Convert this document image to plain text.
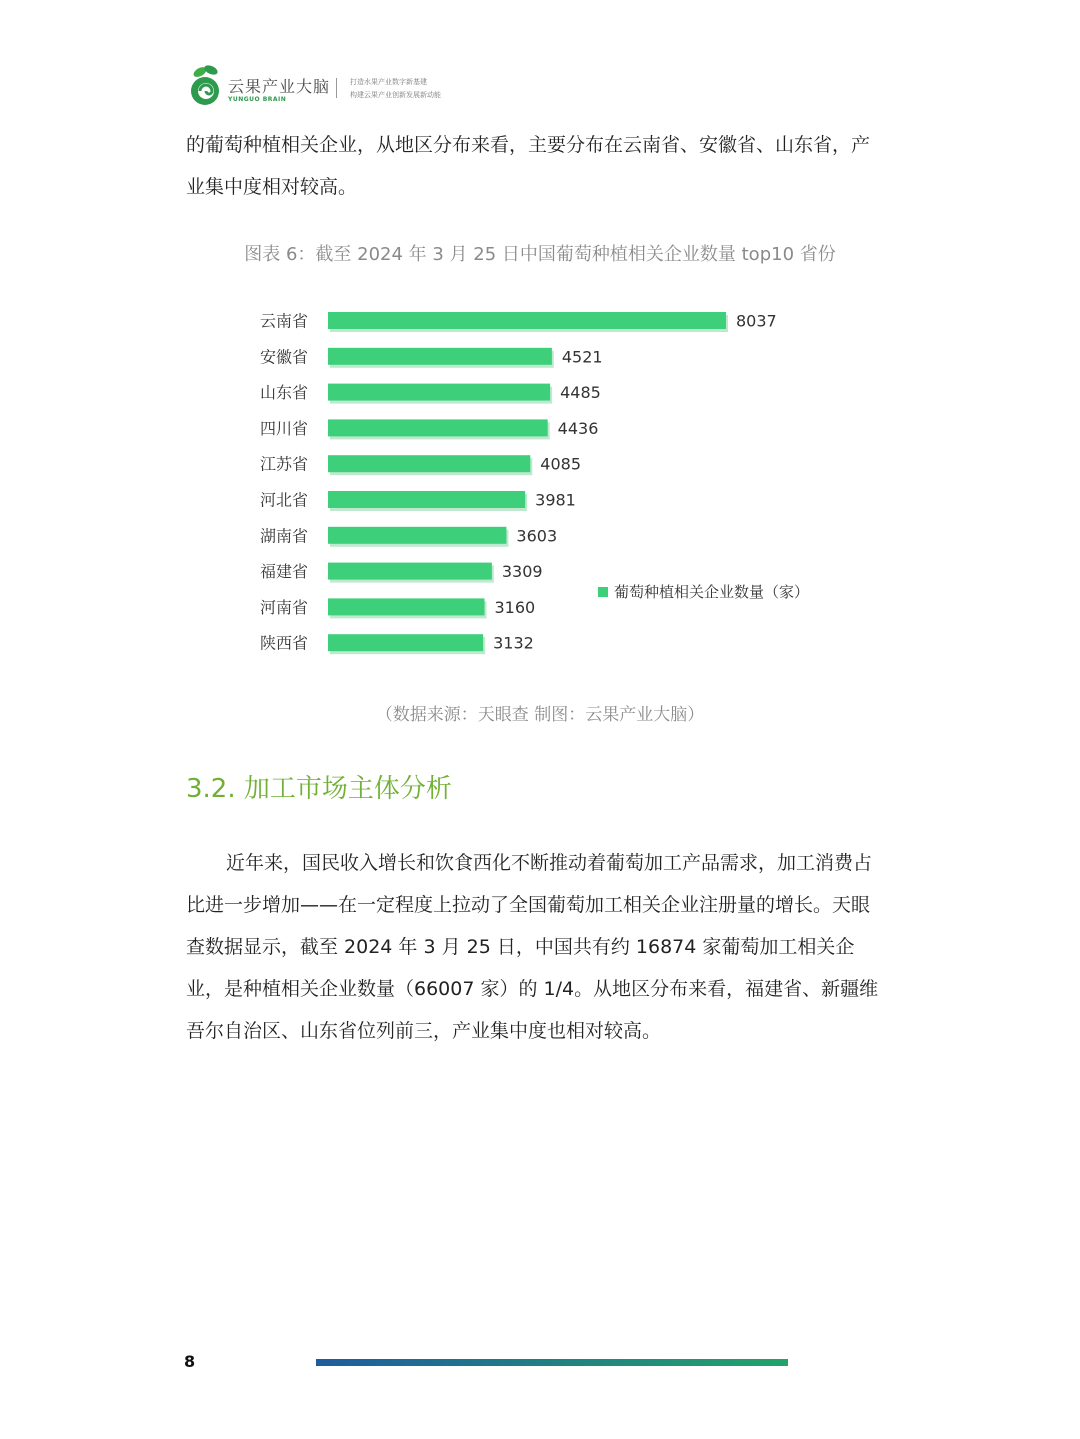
云果产业大脑
YUNGUO BRAIN
打造水果产业数字新基建
构建云果产业创新发展新动能

的葡萄种植相关企业，从地区分布来看，主要分布在云南省、安徽省、山东省，产业集中度相对较高。

图表 6：截至 2024 年 3 月 25 日中国葡萄种植相关企业数量 top10 省份
云南省	8037
安徽省	4521
山东省	4485
四川省	4436
江苏省	4085
河北省	3981
湖南省	3603
福建省	3309
河南省	3160
陕西省	3132
葡萄种植相关企业数量（家）
（数据来源：天眼查 制图：云果产业大脑）
3.2. 加工市场主体分析

近年来，国民收入增长和饮食西化不断推动着葡萄加工产品需求，加工消费占比进一步增加——在一定程度上拉动了全国葡萄加工相关企业注册量的增长。天眼查数据显示，截至 2024 年 3 月 25 日，中国共有约 16874 家葡萄加工相关企业，是种植相关企业数量（66007 家）的 1/4。从地区分布来看，福建省、新疆维吾尔自治区、山东省位列前三，产业集中度也相对较高。

8
